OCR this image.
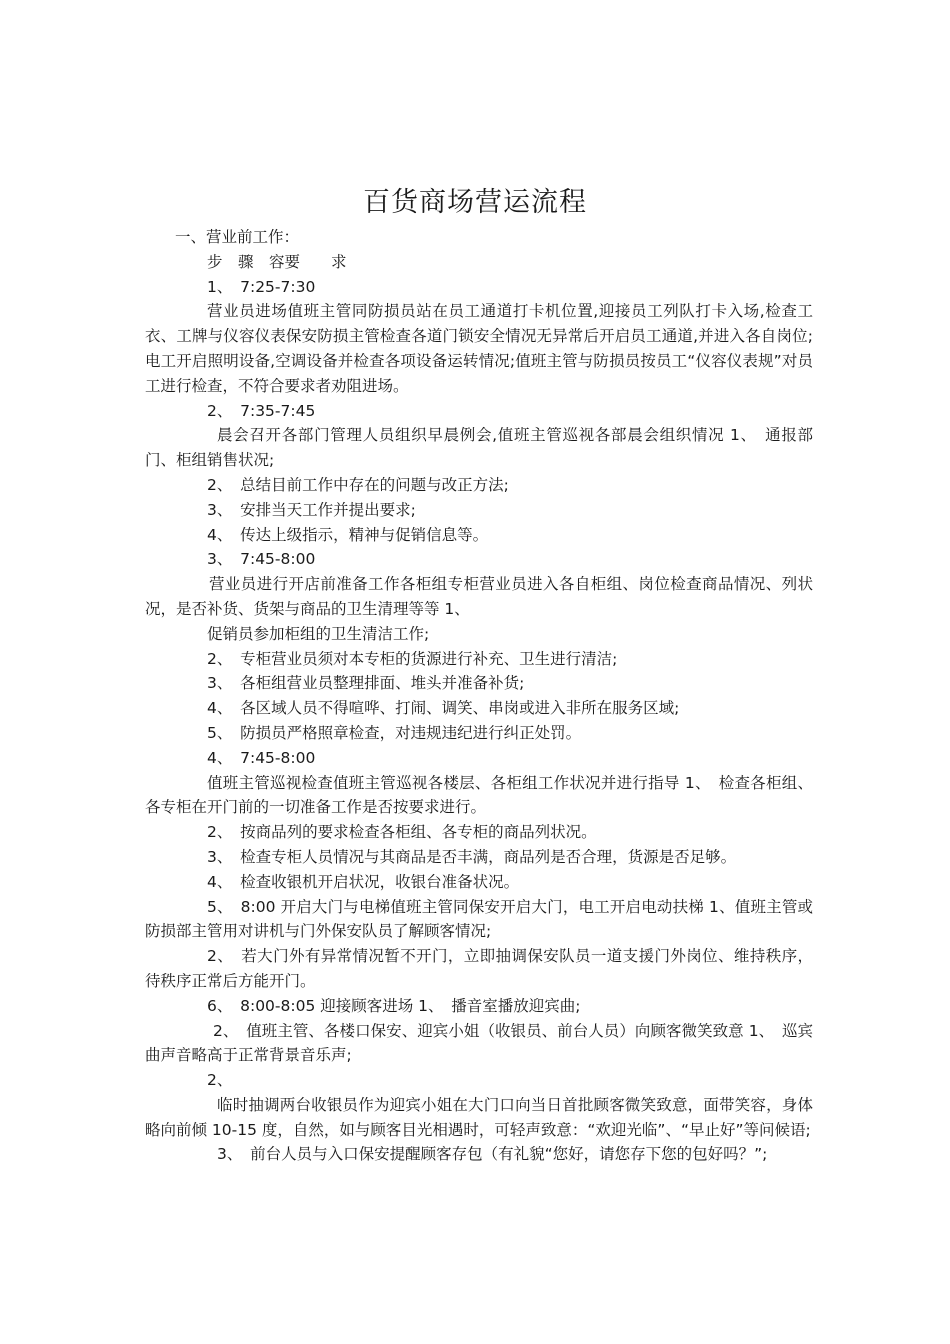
百货商场营运流程
一、营业前工作：
步　骤　容要　　求
1、　7:25-7:30
营业员进场值班主管同防损员站在员工通道打卡机位置,迎接员工列队打卡入场,检查工衣、工牌与仪容仪表保安防损主管检查各道门锁安全情况无异常后开启员工通道,并进入各自岗位;电工开启照明设备,空调设备并检查各项设备运转情况;值班主管与防损员按员工“仪容仪表规”对员工进行检查，不符合要求者劝阻进场。
2、　7:35-7:45
晨会召开各部门管理人员组织早晨例会,值班主管巡视各部晨会组织情况 1、　通报部门、柜组销售状况;
2、　总结目前工作中存在的问题与改正方法;
3、　安排当天工作并提出要求;
4、　传达上级指示，精神与促销信息等。
3、　7:45-8:00
营业员进行开店前准备工作各柜组专柜营业员进入各自柜组、岗位检查商品情况、列状况，是否补货、货架与商品的卫生清理等等 1、
促销员参加柜组的卫生清洁工作;
2、　专柜营业员须对本专柜的货源进行补充、卫生进行清洁;
3、　各柜组营业员整理排面、堆头并准备补货;
4、　各区域人员不得喧哗、打闹、调笑、串岗或进入非所在服务区域;
5、　防损员严格照章检查，对违规违纪进行纠正处罚。
4、　7:45-8:00
值班主管巡视检查值班主管巡视各楼层、各柜组工作状况并进行指导 1、　检查各柜组、各专柜在开门前的一切准备工作是否按要求进行。
2、　按商品列的要求检查各柜组、各专柜的商品列状况。
3、　检查专柜人员情况与其商品是否丰满，商品列是否合理，货源是否足够。
4、　检查收银机开启状况，收银台准备状况。
5、　8:00 开启大门与电梯值班主管同保安开启大门，电工开启电动扶梯 1、值班主管或防损部主管用对讲机与门外保安队员了解顾客情况;
2、　若大门外有异常情况暂不开门，立即抽调保安队员一道支援门外岗位、维持秩序，待秩序正常后方能开门。
6、　8:00-8:05 迎接顾客进场 1、　播音室播放迎宾曲;
2、　值班主管、各楼口保安、迎宾小姐（收银员、前台人员）向顾客微笑致意 1、　巡宾曲声音略高于正常背景音乐声;
2、
临时抽调两台收银员作为迎宾小姐在大门口向当日首批顾客微笑致意，面带笑容，身体略向前倾 10-15 度，自然，如与顾客目光相遇时，可轻声致意：“欢迎光临”、“早止好”等问候语;
3、　前台人员与入口保安提醒顾客存包（有礼貌“您好，请您存下您的包好吗？”;
